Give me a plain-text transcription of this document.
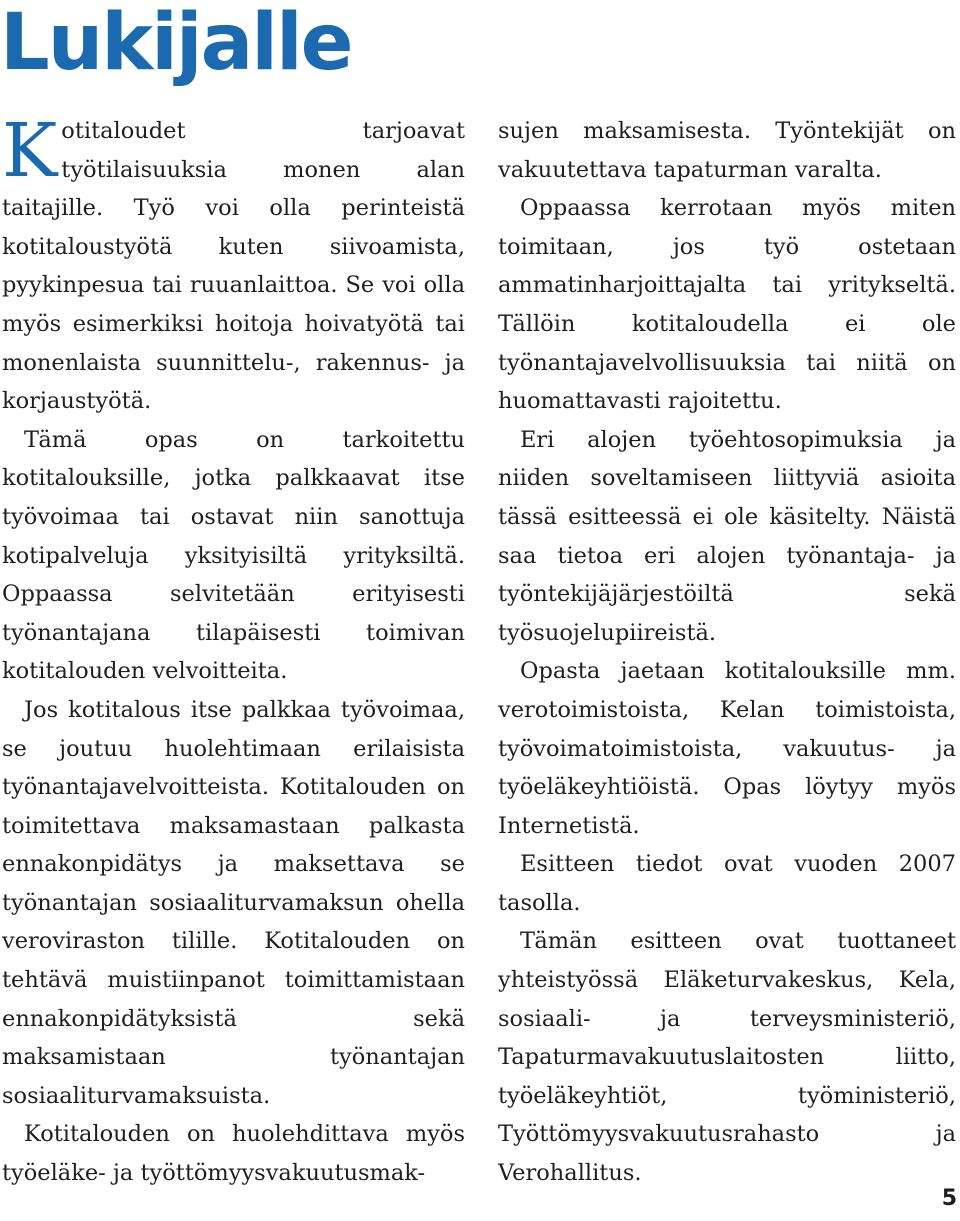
Lukijalle

K otitaloudet tarjoavat työtilaisuuksia monen alan taitajille. Työ voi olla perinteistä kotitaloustyötä kuten siivoamista, pyykinpesua tai ruuanlaittoa. Se voi olla myös esimerkiksi hoitoja hoivatyötä tai monenlaista suunnittelu-, rakennus- ja korjaustyötä.

Tämä opas on tarkoitettu kotitalouksille, jotka palkkaavat itse työvoimaa tai ostavat niin sanottuja kotipalveluja yksityisiltä yrityksiltä. Oppaassa selvitetään erityisesti työnantajana tilapäisesti toimivan kotitalouden velvoitteita.

Jos kotitalous itse palkkaa työvoimaa, se joutuu huolehtimaan erilaisista työnantajavelvoitteista. Kotitalouden on toimitettava maksamastaan palkasta ennakonpidätys ja maksettava se työnantajan sosiaaliturvamaksun ohella veroviraston tilille. Kotitalouden on tehtävä muistiinpanot toimittamistaan ennakonpidätyksistä sekä maksamistaan työnantajan sosiaaliturvamaksuista.

Kotitalouden on huolehdittava myös työeläke- ja työttömyysvakuutusmak-

sujen maksamisesta. Työntekijät on vakuutettava tapaturman varalta.

Oppaassa kerrotaan myös miten toimitaan, jos työ ostetaan ammatinharjoittajalta tai yritykseltä. Tällöin kotitaloudella ei ole työnantajavelvollisuuksia tai niitä on huomattavasti rajoitettu.

Eri alojen työehtosopimuksia ja niiden soveltamiseen liittyviä asioita tässä esitteessä ei ole käsitelty. Näistä saa tietoa eri alojen työnantaja- ja työntekijäjärjestöiltä sekä työsuojelupiireistä.

Opasta jaetaan kotitalouksille mm. verotoimistoista, Kelan toimistoista, työvoimatoimistoista, vakuutus- ja työeläkeyhtiöistä. Opas löytyy myös Internetistä.

Esitteen tiedot ovat vuoden 2007 tasolla.

Tämän esitteen ovat tuottaneet yhteistyössä Eläketurvakeskus, Kela, sosiaali- ja terveysministeriö, Tapaturmavakuutuslaitosten liitto, työeläkeyhtiöt, työministeriö, Työttömyysvakuutusrahasto ja Verohallitus.

5
